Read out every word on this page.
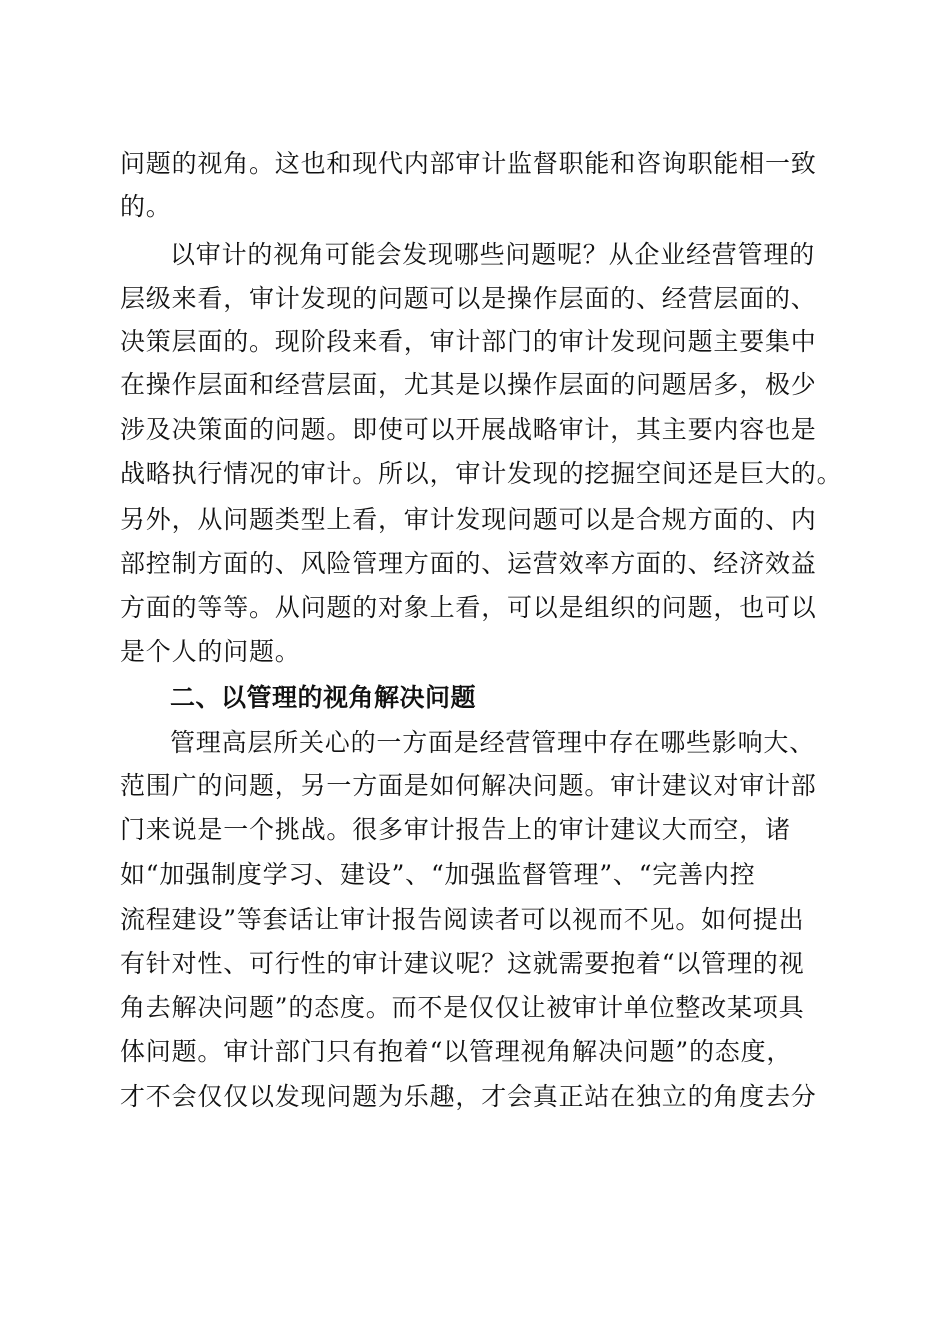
问题的视角。这也和现代内部审计监督职能和咨询职能相一致
的。
以审计的视角可能会发现哪些问题呢？从企业经营管理的
层级来看，审计发现的问题可以是操作层面的、经营层面的、
决策层面的。现阶段来看，审计部门的审计发现问题主要集中
在操作层面和经营层面，尤其是以操作层面的问题居多，极少
涉及决策面的问题。即使可以开展战略审计，其主要内容也是
战略执行情况的审计。所以，审计发现的挖掘空间还是巨大的。
另外，从问题类型上看，审计发现问题可以是合规方面的、内
部控制方面的、风险管理方面的、运营效率方面的、经济效益
方面的等等。从问题的对象上看，可以是组织的问题，也可以
是个人的问题。
二、以管理的视角解决问题
管理高层所关心的一方面是经营管理中存在哪些影响大、
范围广的问题，另一方面是如何解决问题。审计建议对审计部
门来说是一个挑战。很多审计报告上的审计建议大而空，诸
如“加强制度学习、建设”、“加强监督管理”、“完善内控
流程建设”等套话让审计报告阅读者可以视而不见。如何提出
有针对性、可行性的审计建议呢？这就需要抱着“以管理的视
角去解决问题”的态度。而不是仅仅让被审计单位整改某项具
体问题。审计部门只有抱着“以管理视角解决问题”的态度，
才不会仅仅以发现问题为乐趣，才会真正站在独立的角度去分
